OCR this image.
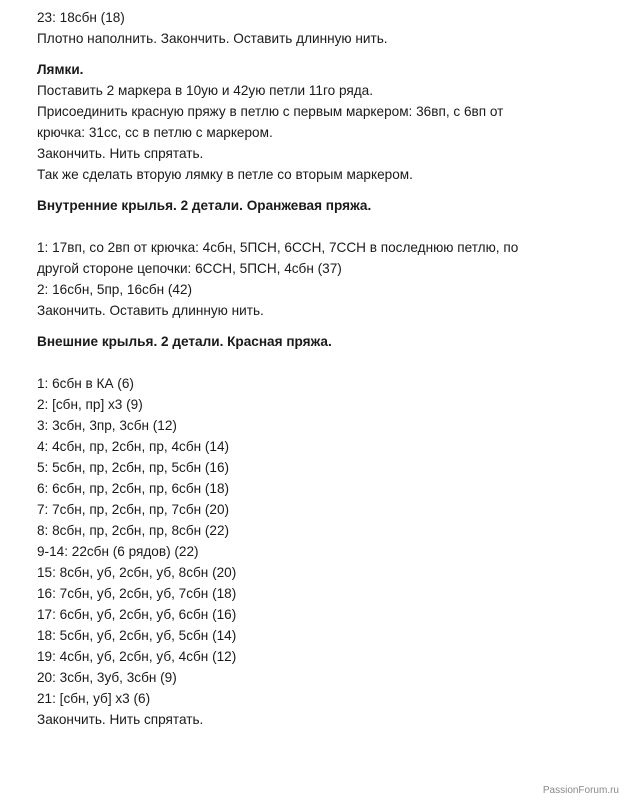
23: 18сбн (18)
Плотно наполнить. Закончить. Оставить длинную нить.
Лямки.
Поставить 2 маркера в 10ую и 42ую петли 11го ряда.
Присоединить красную пряжу в петлю с первым маркером: 36вп, с 6вп от
крючка: 31сс, сс в петлю с маркером.
Закончить. Нить спрятать.
Так же сделать вторую лямку в петле со вторым маркером.
Внутренние крылья. 2 детали. Оранжевая пряжа.
1: 17вп, со 2вп от крючка: 4сбн, 5ПСН, 6ССН, 7ССН в последнюю петлю, по
другой стороне цепочки: 6ССН, 5ПСН, 4сбн (37)
2: 16сбн, 5пр, 16сбн (42)
Закончить. Оставить длинную нить.
Внешние крылья. 2 детали. Красная пряжа.
1: 6сбн в КА (6)
2: [сбн, пр] х3 (9)
3: 3сбн, 3пр, 3сбн (12)
4: 4сбн, пр, 2сбн, пр, 4сбн (14)
5: 5сбн, пр, 2сбн, пр, 5сбн (16)
6: 6сбн, пр, 2сбн, пр, 6сбн (18)
7: 7сбн, пр, 2сбн, пр, 7сбн (20)
8: 8сбн, пр, 2сбн, пр, 8сбн (22)
9-14: 22сбн (6 рядов) (22)
15: 8сбн, уб, 2сбн, уб, 8сбн (20)
16: 7сбн, уб, 2сбн, уб, 7сбн (18)
17: 6сбн, уб, 2сбн, уб, 6сбн (16)
18: 5сбн, уб, 2сбн, уб, 5сбн (14)
19: 4сбн, уб, 2сбн, уб, 4сбн (12)
20: 3сбн, 3уб, 3сбн (9)
21: [сбн, уб] х3 (6)
Закончить. Нить спрятать.
PassionForum.ru
